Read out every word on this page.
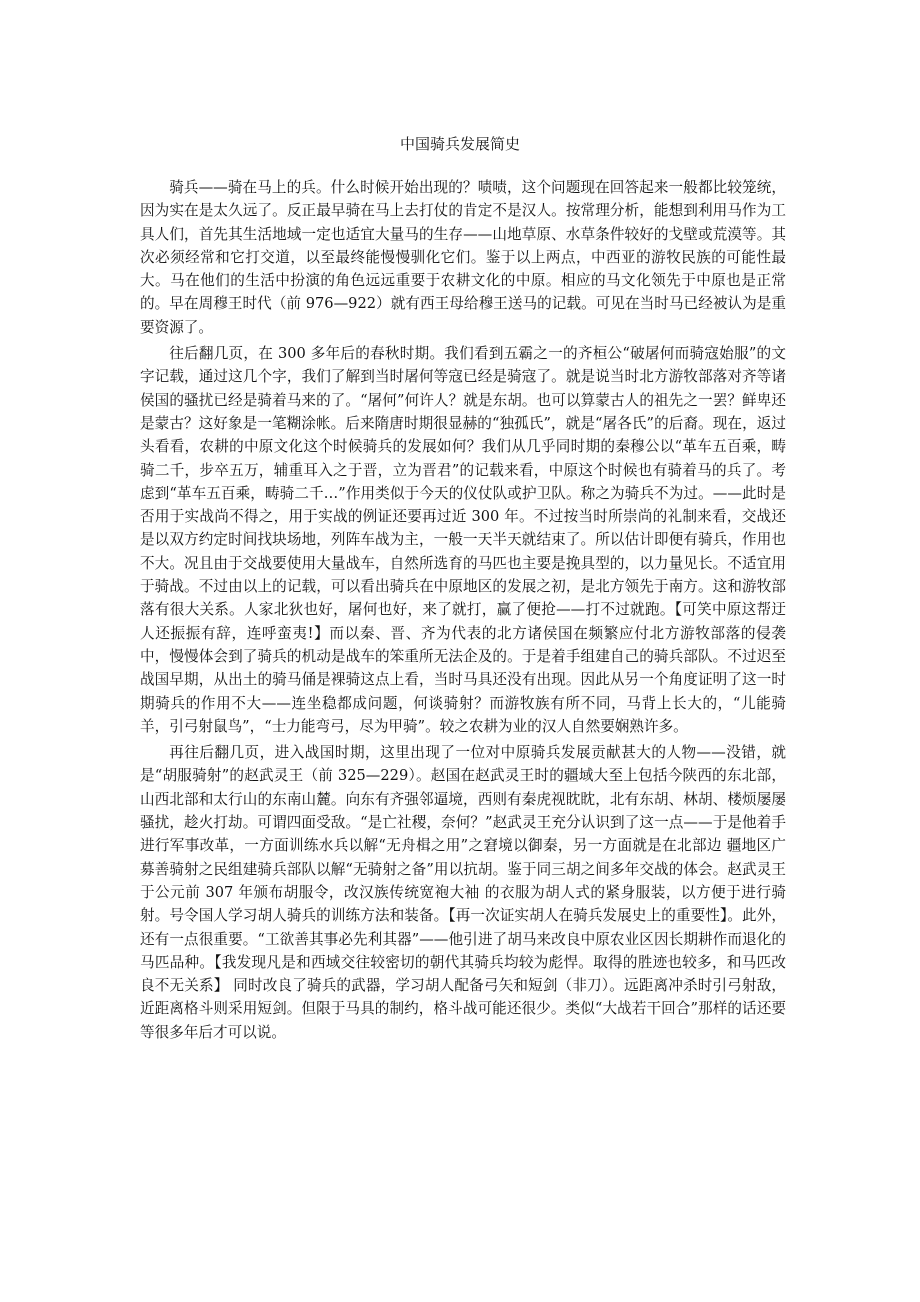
中国骑兵发展简史

骑兵——骑在马上的兵。什么时候开始出现的？啧啧，这个问题现在回答起来一般都比较笼统，因为实在是太久远了。反正最早骑在马上去打仗的肯定不是汉人。按常理分析，能想到利用马作为工具人们，首先其生活地域一定也适宜大量马的生存——山地草原、水草条件较好的戈壁或荒漠等。其次必须经常和它打交道，以至最终能慢慢驯化它们。鉴于以上两点，中西亚的游牧民族的可能性最大。马在他们的生活中扮演的角色远远重要于农耕文化的中原。相应的马文化领先于中原也是正常的。早在周穆王时代（前 976—922）就有西王母给穆王送马的记载。可见在当时马已经被认为是重要资源了。

往后翻几页，在 300 多年后的春秋时期。我们看到五霸之一的齐桓公“破屠何而骑寇始服”的文字记载，通过这几个字，我们了解到当时屠何等寇已经是骑寇了。就是说当时北方游牧部落对齐等诸侯国的骚扰已经是骑着马来的了。“屠何”何许人？就是东胡。也可以算蒙古人的祖先之一罢？鲜卑还是蒙古？这好象是一笔糊涂帐。后来隋唐时期很显赫的“独孤氏”，就是“屠各氏”的后裔。现在，返过头看看，农耕的中原文化这个时候骑兵的发展如何？我们从几乎同时期的秦穆公以“革车五百乘，畴骑二千，步卒五万，辅重耳入之于晋，立为晋君”的记载来看，中原这个时候也有骑着马的兵了。考虑到“革车五百乘，畴骑二千…”作用类似于今天的仪仗队或护卫队。称之为骑兵不为过。——此时是否用于实战尚不得之，用于实战的例证还要再过近 300 年。不过按当时所崇尚的礼制来看，交战还是以双方约定时间找块场地，列阵车战为主，一般一天半天就结束了。所以估计即便有骑兵，作用也不大。况且由于交战要使用大量战车，自然所选育的马匹也主要是挽具型的，以力量见长。不适宜用于骑战。不过由以上的记载，可以看出骑兵在中原地区的发展之初，是北方领先于南方。这和游牧部落有很大关系。人家北狄也好，屠何也好，来了就打，赢了便抢——打不过就跑。【可笑中原这帮迂人还振振有辞，连呼蛮夷!】而以秦、晋、齐为代表的北方诸侯国在频繁应付北方游牧部落的侵袭中，慢慢体会到了骑兵的机动是战车的笨重所无法企及的。于是着手组建自己的骑兵部队。不过迟至战国早期，从出土的骑马俑是裸骑这点上看，当时马具还没有出现。因此从另一个角度证明了这一时期骑兵的作用不大——连坐稳都成问题，何谈骑射？而游牧族有所不同，马背上长大的，“儿能骑羊，引弓射鼠鸟”，“士力能弯弓，尽为甲骑”。较之农耕为业的汉人自然要娴熟许多。

再往后翻几页，进入战国时期，这里出现了一位对中原骑兵发展贡献甚大的人物——没错，就是“胡服骑射”的赵武灵王（前 325—229）。赵国在赵武灵王时的疆域大至上包括今陕西的东北部，山西北部和太行山的东南山麓。向东有齐强邻逼境，西则有秦虎视眈眈，北有东胡、林胡、楼烦屡屡骚扰，趁火打劫。可谓四面受敌。“是亡社稷，奈何？”赵武灵王充分认识到了这一点——于是他着手进行军事改革，一方面训练水兵以解“无舟楫之用”之窘境以御秦，另一方面就是在北部边 疆地区广募善骑射之民组建骑兵部队以解“无骑射之备”用以抗胡。鉴于同三胡之间多年交战的体会。赵武灵王于公元前 307 年颁布胡服令，改汉族传统宽袍大袖 的衣服为胡人式的紧身服装，以方便于进行骑射。号令国人学习胡人骑兵的训练方法和装备。【再一次证实胡人在骑兵发展史上的重要性】。此外，还有一点很重要。“工欲善其事必先利其器”——他引进了胡马来改良中原农业区因长期耕作而退化的马匹品种。【我发现凡是和西域交往较密切的朝代其骑兵均较为彪悍。取得的胜迹也较多，和马匹改良不无关系】 同时改良了骑兵的武器，学习胡人配备弓矢和短剑（非刀）。远距离冲杀时引弓射敌，近距离格斗则采用短剑。但限于马具的制约，格斗战可能还很少。类似“大战若干回合”那样的话还要等很多年后才可以说。
